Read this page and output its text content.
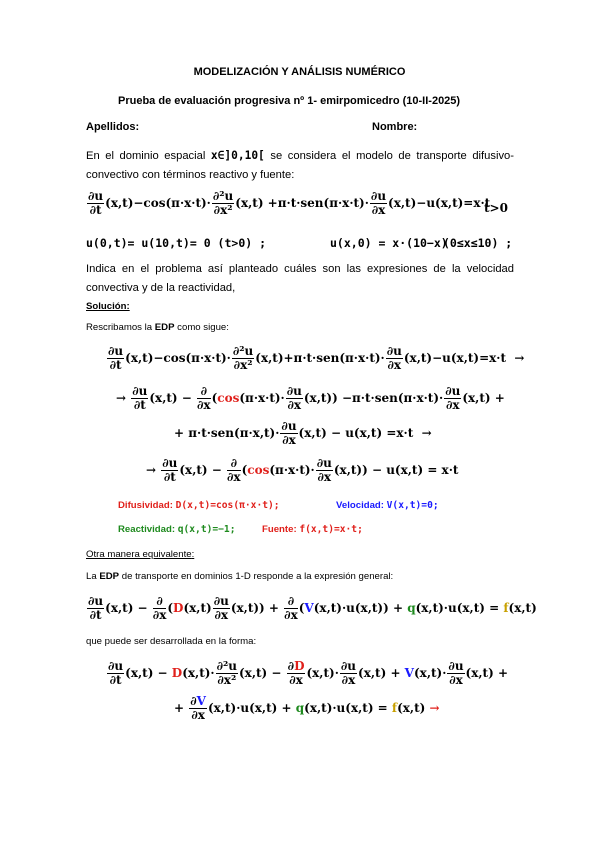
MODELIZACIÓN Y ANÁLISIS NUMÉRICO
Prueba de evaluación progresiva nº 1- emirpomicedro (10-II-2025)
Apellidos:	Nombre:
En el dominio espacial x∈]0,10[ se considera el modelo de transporte difusivo-convectivo con términos reactivo y fuente:
$\frac{\partial u}{\partial t} (x,t)-\cos(\pi\cdot x\cdot t)\cdot \frac{\text{∂²u}}{\text{∂x²}} (x,t) +\pi\cdot t\cdot sen(\pi\cdot x\cdot t)\cdot \frac{\partial u}{\partial x} (x,t)-u(x,t)=x\cdot t$
t>0
u(0,t)= u(10,t)= 0 (t>0) ;	u(x,0) = x·(10−x)
(0≤x≤10) ;
Indica en el problema así planteado cuáles son las expresiones de la velocidad convectiva y de la reactividad,
Solución:
Rescribamos la EDP como sigue:
$\frac{\partial u}{\partial t} (x,t)-\cos(\pi\cdot x\cdot t)\cdot \frac{\text{∂²u}}{\text{∂x²}} (x,t)+\pi\cdot t\cdot sen(\pi\cdot x\cdot t)\cdot \frac{\partial u}{\partial x} (x,t)-u(x,t)=x\cdot t$  →
→ $\frac{\partial u}{\partial t} (x,t) - \frac{\partial}{\partial x} (\cos(\pi\cdot x\cdot t)\cdot \frac{\partial u}{\partial x} (x,t)) -\pi\cdot t\cdot sen(\pi\cdot x\cdot t)\cdot \frac{\partial u}{\partial x} (x,t)$ +
+ $\pi\cdot t\cdot sen(\pi\cdot x,t)\cdot \frac{\partial u}{\partial x} (x,t) - u(x,t) =x\cdot t$  →
→ $\frac{\partial u}{\partial t} (x,t) - \frac{\partial}{\partial x} (\cos(\pi\cdot x\cdot t)\cdot \frac{\partial u}{\partial x} (x,t)) - u(x,t) = x\cdot t$
Difusividad: D(x,t)=cos(π·x·t);	Velocidad: V(x,t)=0;
Reactividad: q(x,t)=−1;	Fuente: f(x,t)=x·t;
Otra manera equivalente:
La EDP de transporte en dominios 1-D responde a la expresión general:
$\frac{\partial u}{\partial t} (x,t) - \frac{\partial}{\partial x} (D(x,t) \frac{\partial u}{\partial x} (x,t)) + \frac{\partial}{\partial x} (V(x,t)\cdot u(x,t)) + q(x,t)\cdot u(x,t) = f(x,t)$
que puede ser desarrollada en la forma:
$\frac{\partial u}{\partial t} (x,t) - D(x,t)\cdot \frac{\text{∂²u}}{\text{∂x²}} (x,t) - \frac{\partial D}{\partial x} (x,t)\cdot \frac{\partial u}{\partial x} (x,t) + V(x,t)\cdot \frac{\partial u}{\partial x} (x,t)$ +
+ $\frac{\partial V}{\partial x} (x,t)\cdot u(x,t) + q(x,t)\cdot u(x,t) = f(x,t)$ →
